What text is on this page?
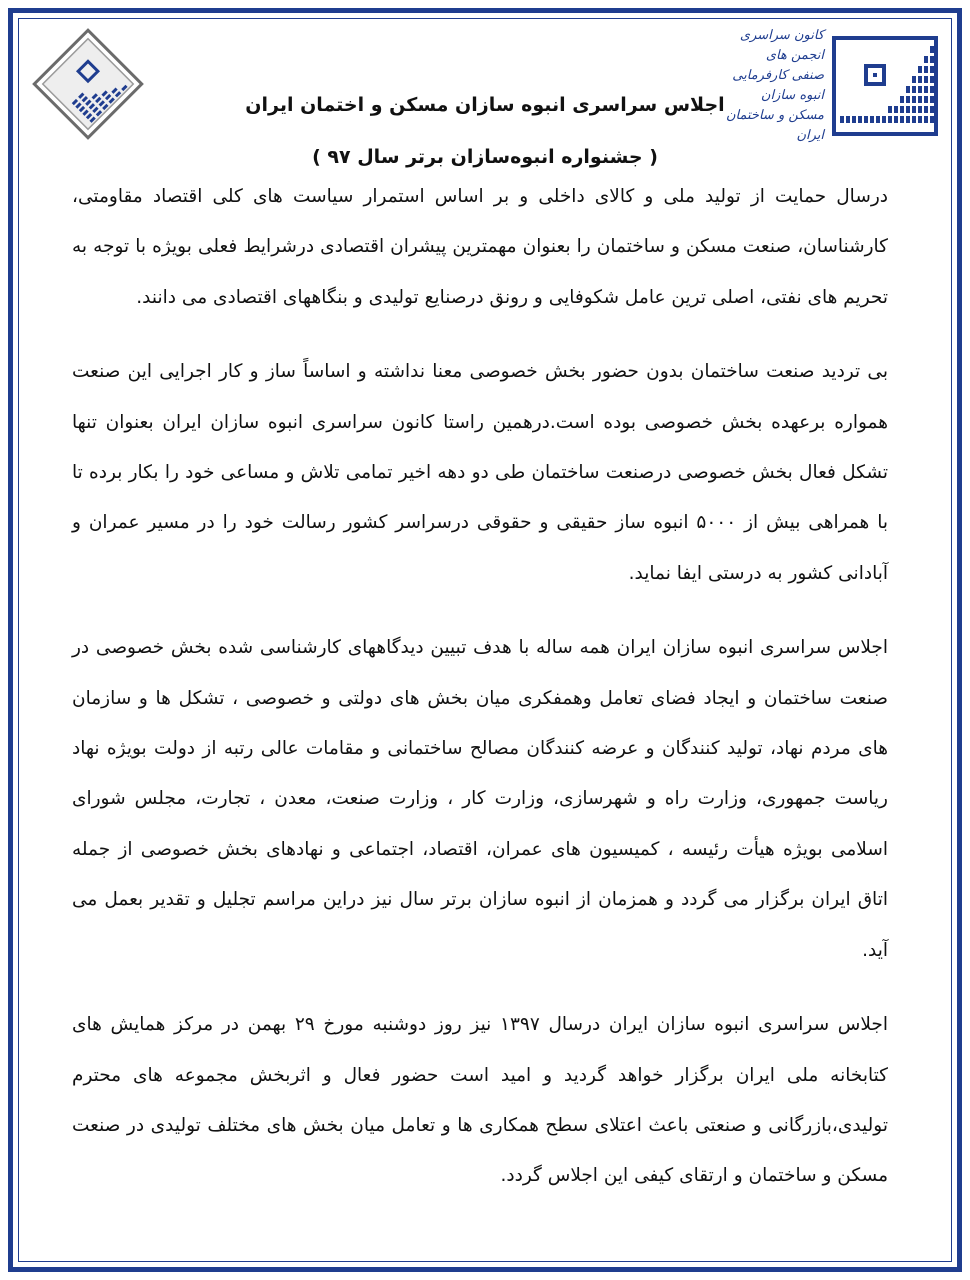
کانون سراسری انجمن های
صنفی کارفرمایی انبوه سازان
مسکن و ساختمان ایران
اجلاس سراسری انبوه سازان مسکن و اختمان ایران
( جشنواره انبوه‌سازان برتر سال ۹۷ )

درسال حمایت از تولید ملی و کالای داخلی و بر اساس استمرار سیاست های کلی اقتصاد مقاومتی، کارشناسان، صنعت مسکن و ساختمان را بعنوان مهمترین پیشران اقتصادی درشرایط فعلی بویژه با توجه به تحریم های نفتی، اصلی ترین عامل شکوفایی و رونق درصنایع تولیدی و بنگاههای اقتصادی می دانند.

بی تردید صنعت ساختمان بدون حضور بخش خصوصی معنا نداشته و اساساً ساز و کار اجرایی این صنعت همواره برعهده بخش خصوصی بوده است.درهمین راستا کانون سراسری انبوه سازان ایران بعنوان تنها تشکل فعال بخش خصوصی درصنعت ساختمان طی دو دهه اخیر تمامی تلاش و مساعی خود را بکار برده تا با همراهی بیش از ۵۰۰۰ انبوه ساز حقیقی و حقوقی درسراسر کشور رسالت خود را در مسیر عمران و آبادانی کشور به درستی ایفا نماید.

اجلاس سراسری انبوه سازان ایران همه ساله با هدف تبیین دیدگاههای کارشناسی شده بخش خصوصی در صنعت ساختمان و ایجاد فضای تعامل وهمفکری میان بخش های دولتی و خصوصی ، تشکل ها و سازمان های مردم نهاد، تولید کنندگان و عرضه کنندگان مصالح ساختمانی و مقامات عالی رتبه از دولت بویژه نهاد ریاست جمهوری، وزارت راه و شهرسازی، وزارت کار ، وزارت صنعت، معدن ، تجارت، مجلس شورای اسلامی بویژه هیأت رئیسه ، کمیسیون های عمران، اقتصاد، اجتماعی و نهادهای بخش خصوصی از جمله اتاق ایران برگزار می گردد و همزمان از انبوه سازان برتر سال نیز دراین مراسم تجلیل و تقدیر بعمل می آید.

اجلاس سراسری انبوه سازان ایران درسال ۱۳۹۷ نیز روز دوشنبه مورخ ۲۹ بهمن در مرکز همایش های کتابخانه ملی ایران برگزار خواهد گردید و امید است حضور فعال و اثربخش مجموعه های محترم تولیدی،بازرگانی و صنعتی باعث اعتلای سطح همکاری ها و تعامل میان بخش های مختلف تولیدی در صنعت مسکن و ساختمان و ارتقای کیفی این اجلاس گردد.
